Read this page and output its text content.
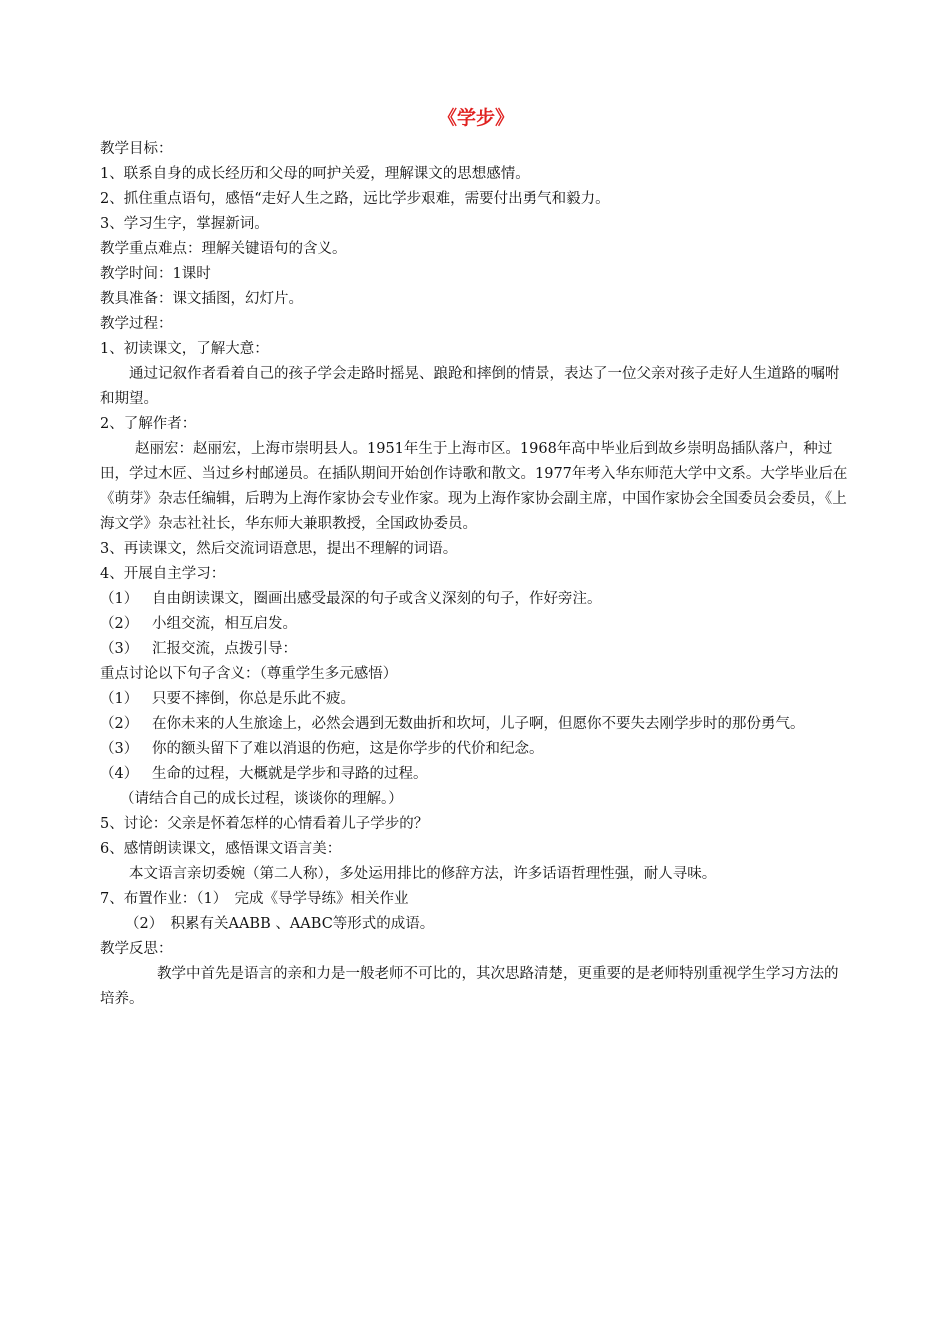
《学步》
教学目标：
1、联系自身的成长经历和父母的呵护关爱，理解课文的思想感情。
2、抓住重点语句，感悟“走好人生之路，远比学步艰难，需要付出勇气和毅力。
3、学习生字，掌握新词。
教学重点难点：理解关键语句的含义。
教学时间：1课时
教具准备：课文插图，幻灯片。
教学过程：
1、初读课文，了解大意：

通过记叙作者看着自己的孩子学会走路时摇晃、踉跄和摔倒的情景，表达了一位父亲对孩子走好人生道路的嘱咐和期望。

2、了解作者：

赵丽宏：赵丽宏，上海市崇明县人。1951年生于上海市区。1968年高中毕业后到故乡崇明岛插队落户，种过田，学过木匠、当过乡村邮递员。在插队期间开始创作诗歌和散文。1977年考入华东师范大学中文系。大学毕业后在《萌芽》杂志任编辑，后聘为上海作家协会专业作家。现为上海作家协会副主席，中国作家协会全国委员会委员，《上海文学》杂志社社长，华东师大兼职教授，全国政协委员。

3、再读课文，然后交流词语意思，提出不理解的词语。
4、开展自主学习：
（1） 自由朗读课文，圈画出感受最深的句子或含义深刻的句子，作好旁注。
（2） 小组交流，相互启发。
（3） 汇报交流，点拨引导：
重点讨论以下句子含义：（尊重学生多元感悟）
（1） 只要不摔倒，你总是乐此不疲。

（2） 在你未来的人生旅途上，必然会遇到无数曲折和坎坷，儿子啊，但愿你不要失去刚学步时的那份勇气。

（3） 你的额头留下了难以消退的伤疤，这是你学步的代价和纪念。
（4） 生命的过程，大概就是学步和寻路的过程。
（请结合自己的成长过程，谈谈你的理解。）
5、讨论：父亲是怀着怎样的心情看着儿子学步的？
6、感情朗读课文，感悟课文语言美：
本文语言亲切委婉（第二人称），多处运用排比的修辞方法，许多话语哲理性强，耐人寻味。
7、布置作业：（1）　完成《导学导练》相关作业
（2）　积累有关AABB 、AABC等形式的成语。
教学反思：

教学中首先是语言的亲和力是一般老师不可比的，其次思路清楚，更重要的是老师特别重视学生学习方法的培养。
